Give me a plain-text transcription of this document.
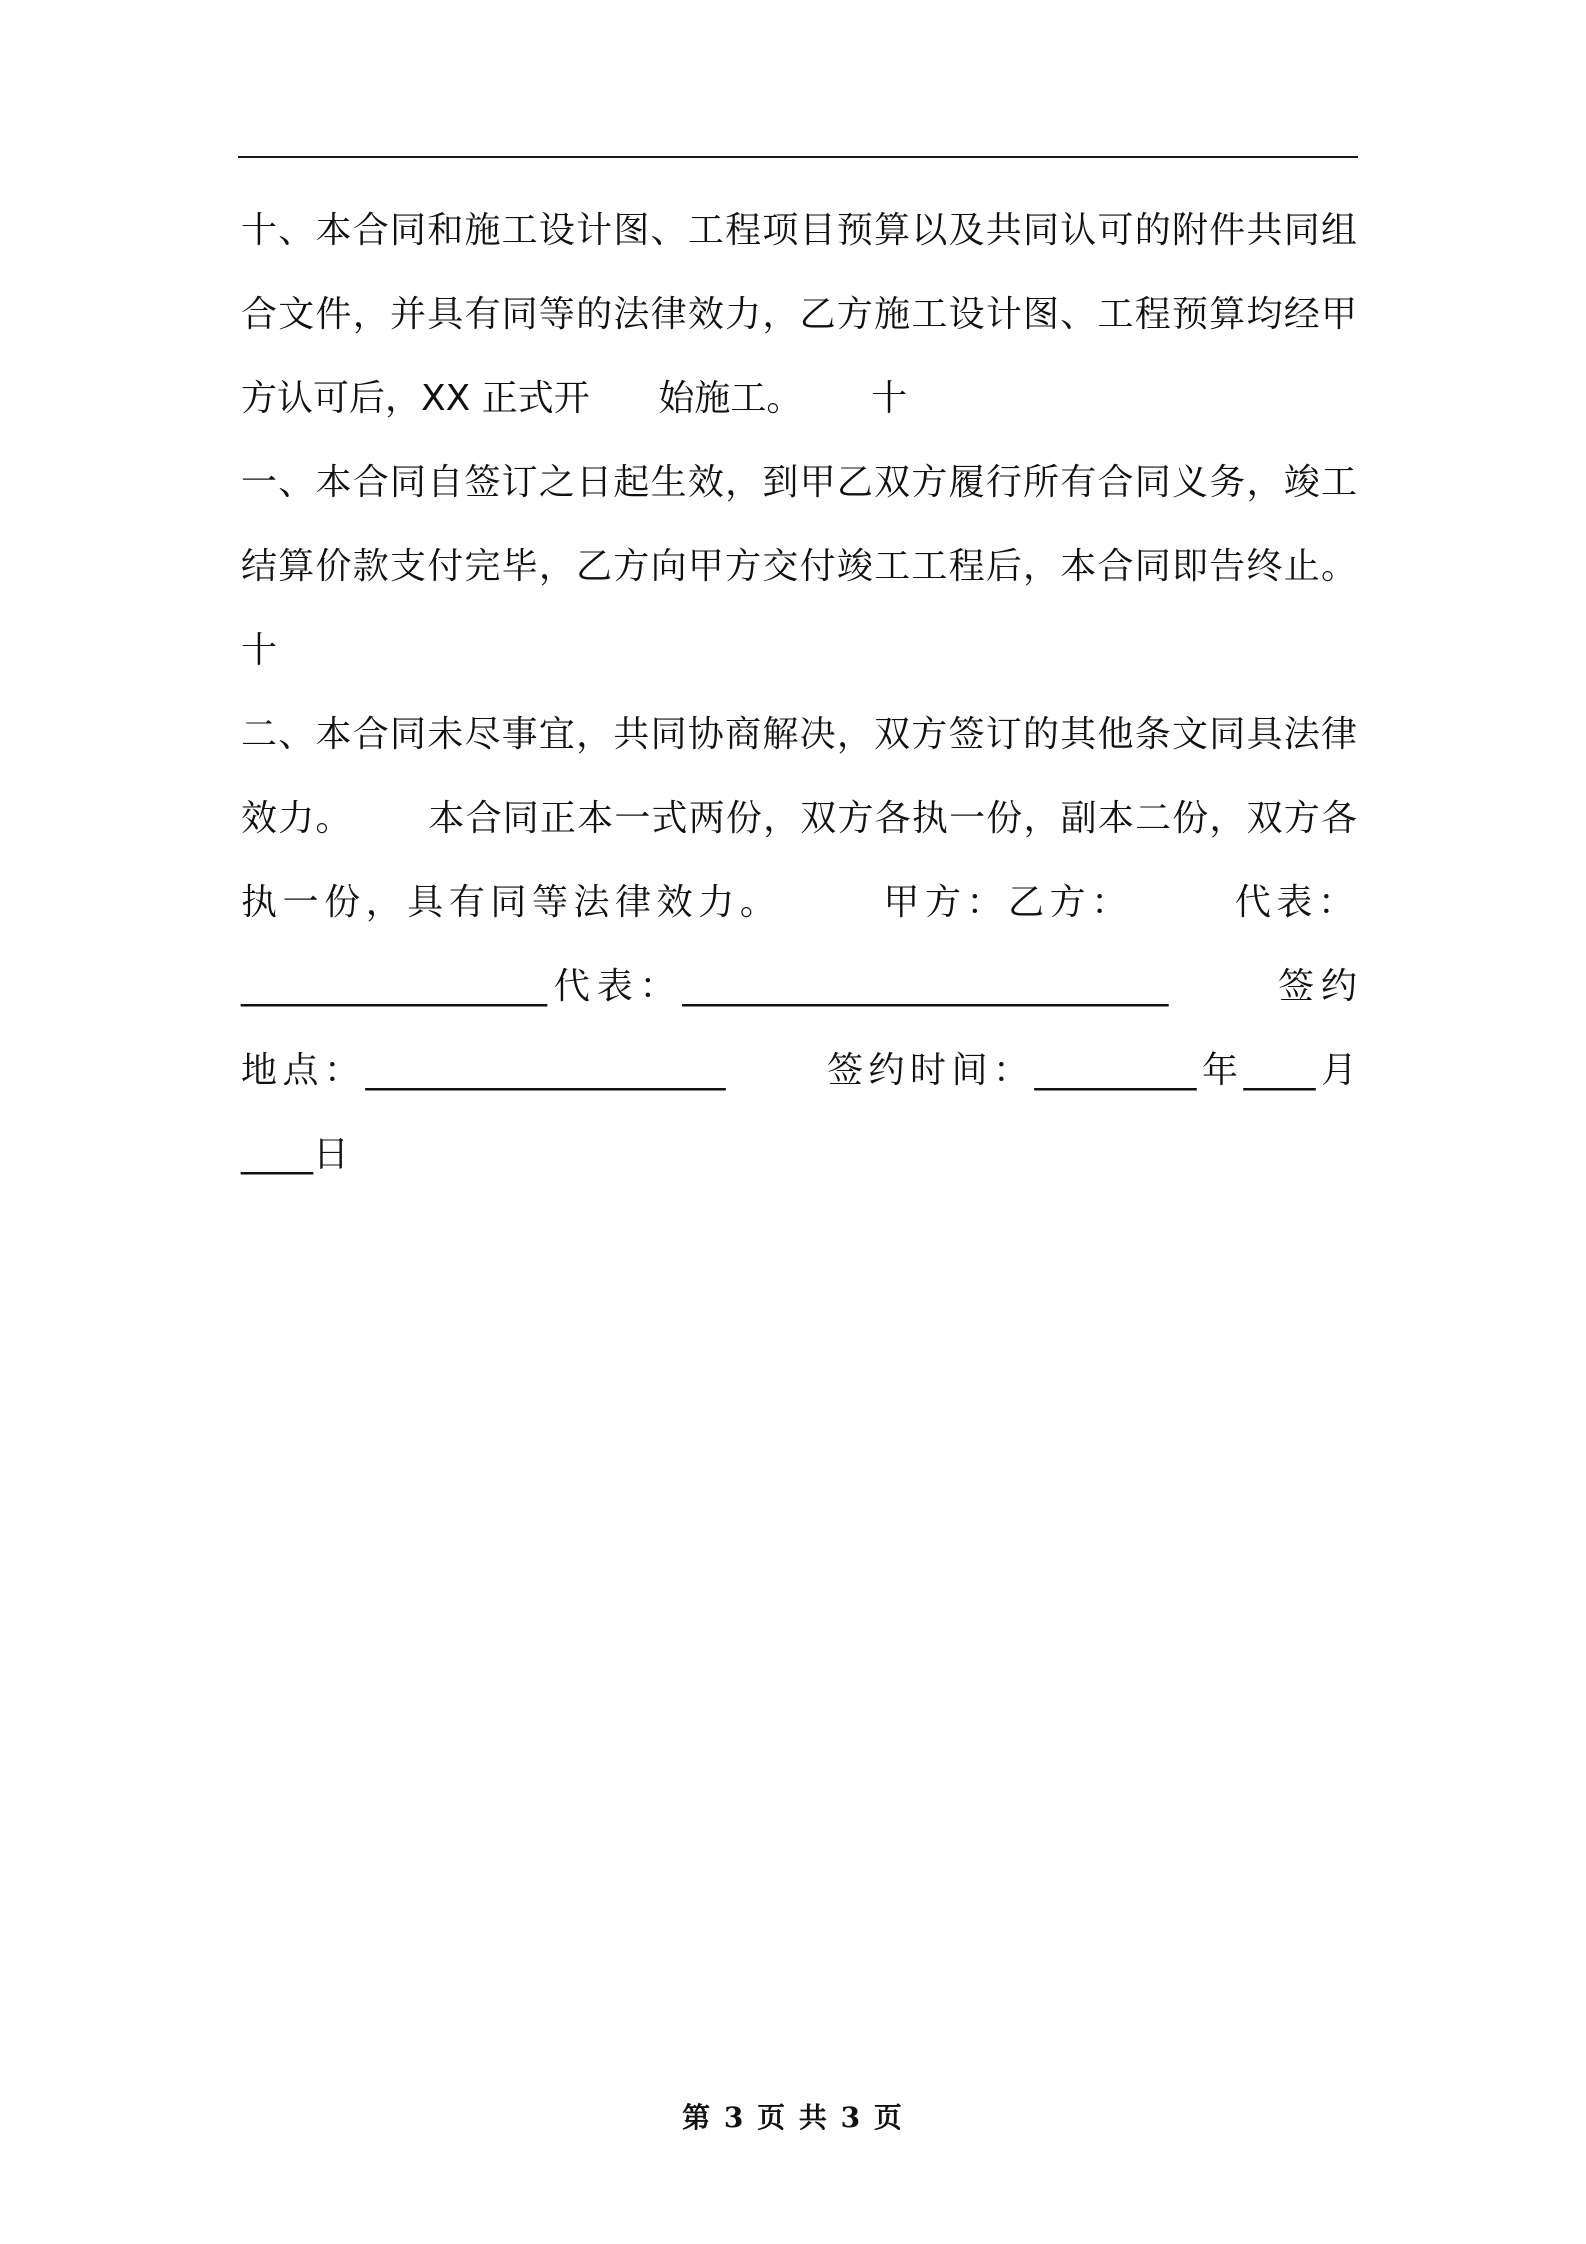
十、本合同和施工设计图、工程项目预算以及共同认可的附件共同组
合文件，并具有同等的法律效力，乙方施工设计图、工程预算均经甲
方认可后，XX 正式开      始施工。      十
一、本合同自签订之日起生效，到甲乙双方履行所有合同义务，竣工
结算价款支付完毕，乙方向甲方交付竣工工程后，本合同即告终止。
十
二、本合同未尽事宜，共同协商解决，双方签订的其他条文同具法律
效力。      本合同正本一式两份，双方各执一份，副本二份，双方各
执一份，具有同等法律效力。      甲方：乙方：      代表：
_________________代表：___________________________      签约
地点：____________________      签约时间：_________年____月
____日
第 3 页 共 3 页
